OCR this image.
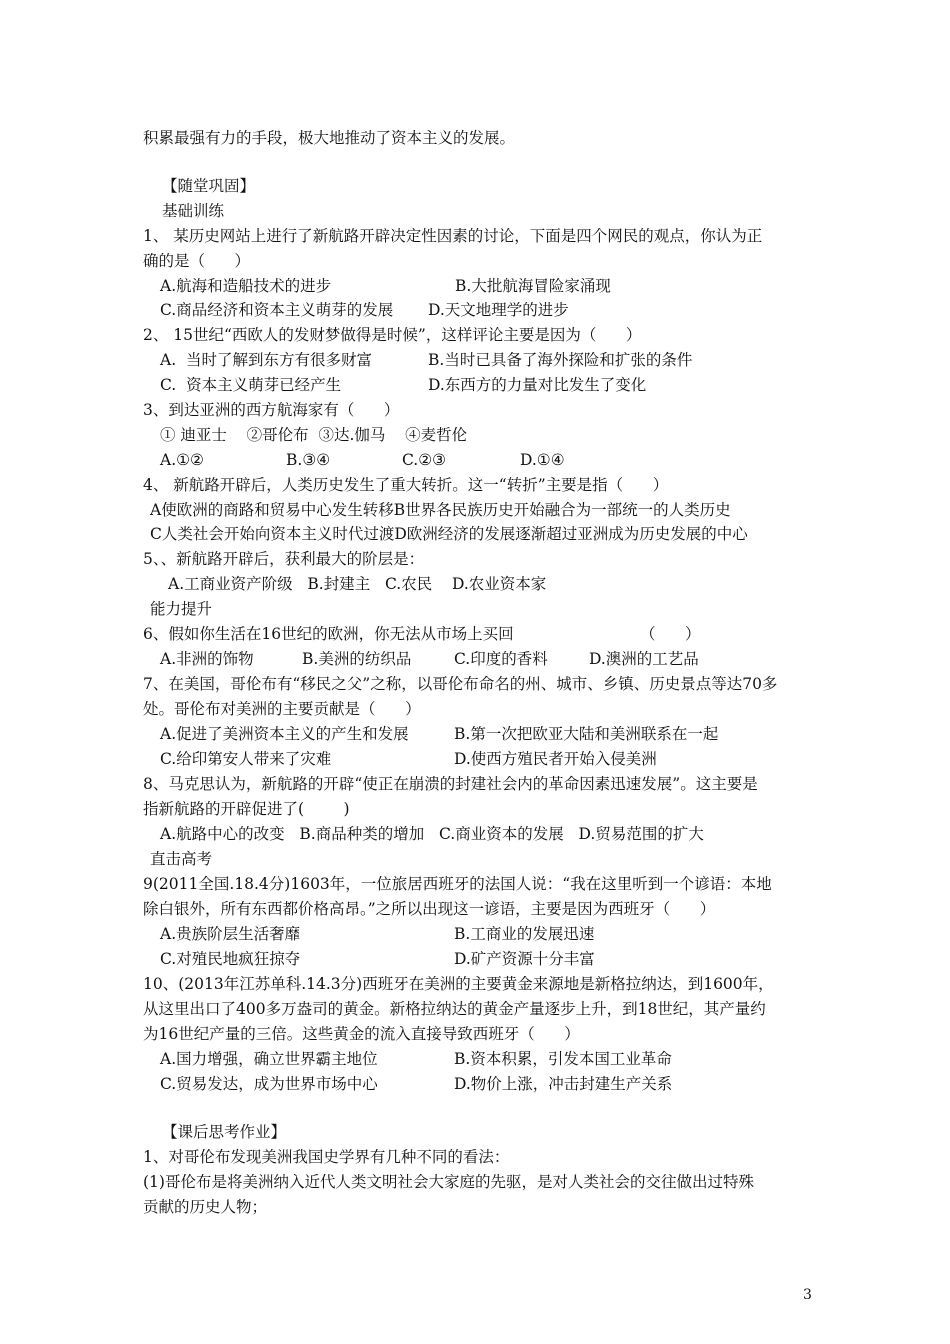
积累最强有力的手段，极大地推动了资本主义的发展。
【随堂巩固】
基础训练
1、 某历史网站上进行了新航路开辟决定性因素的讨论，下面是四个网民的观点，你认为正
确的是（      ）
A.航海和造船技术的进步	B.大批航海冒险家涌现
C.商品经济和资本主义萌芽的发展 D.天文地理学的进步
2、 15世纪“西欧人的发财梦做得是时候”，这样评论主要是因为（      ）
A.  当时了解到东方有很多财富	B.当时已具备了海外探险和扩张的条件
C.  资本主义萌芽已经产生	D.东西方的力量对比发生了变化
3、到达亚洲的西方航海家有（      ）
① 迪亚士    ②哥伦布  ③达.伽马    ④麦哲伦
A.①②	B.③④	C.②③	D.①④
4、 新航路开辟后，人类历史发生了重大转折。这一“转折”主要是指（      ）
A使欧洲的商路和贸易中心发生转移B世界各民族历史开始融合为一部统一的人类历史
C人类社会开始向资本主义时代过渡D欧洲经济的发展逐渐超过亚洲成为历史发展的中心
5、、新航路开辟后，获利最大的阶层是：
A.工商业资产阶级   B.封建主   C.农民    D.农业资本家
能力提升
6、假如你生活在16世纪的欧洲，你无法从市场上买回	（      ）
A.非洲的饰物	B.美洲的纺织品	C.印度的香料	D.澳洲的工艺品
7、在美国，哥伦布有“移民之父”之称，以哥伦布命名的州、城市、乡镇、历史景点等达70多
处。哥伦布对美洲的主要贡献是（      ）
A.促进了美洲资本主义的产生和发展	B.第一次把欧亚大陆和美洲联系在一起
C.给印第安人带来了灾难	D.使西方殖民者开始入侵美洲
8、马克思认为，新航路的开辟“使正在崩溃的封建社会内的革命因素迅速发展”。这主要是
指新航路的开辟促进了(        )
A.航路中心的改变   B.商品种类的增加   C.商业资本的发展   D.贸易范围的扩大
直击高考
9(2011全国.18.4分)1603年，一位旅居西班牙的法国人说：“我在这里听到一个谚语：本地
除白银外，所有东西都价格高昂。”之所以出现这一谚语，主要是因为西班牙（      ）
A.贵族阶层生活奢靡	B.工商业的发展迅速
C.对殖民地疯狂掠夺	D.矿产资源十分丰富
10、(2013年江苏单科.14.3分)西班牙在美洲的主要黄金来源地是新格拉纳达，到1600年，
从这里出口了400多万盎司的黄金。新格拉纳达的黄金产量逐步上升，到18世纪，其产量约
为16世纪产量的三倍。这些黄金的流入直接导致西班牙（      ）
A.国力增强，确立世界霸主地位	B.资本积累，引发本国工业革命
C.贸易发达，成为世界市场中心	D.物价上涨，冲击封建生产关系
【课后思考作业】
1、对哥伦布发现美洲我国史学界有几种不同的看法：
(1)哥伦布是将美洲纳入近代人类文明社会大家庭的先驱，是对人类社会的交往做出过特殊
贡献的历史人物；
3
